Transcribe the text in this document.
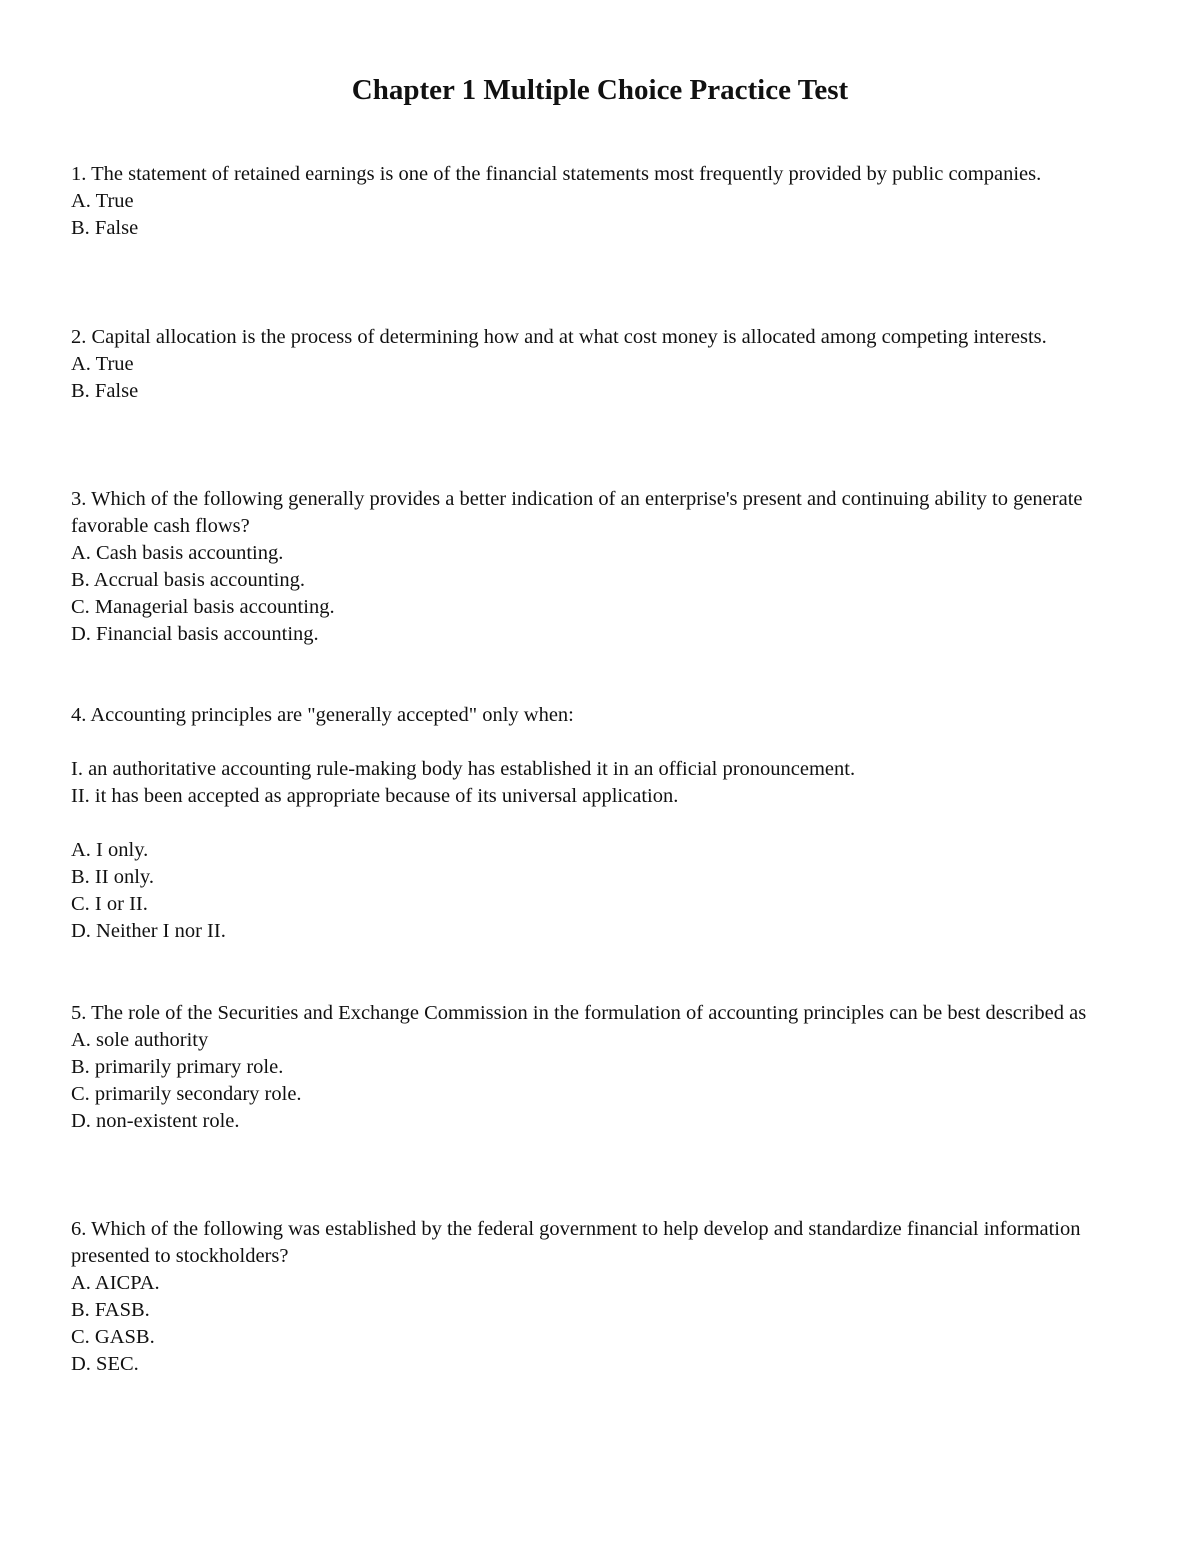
Chapter 1 Multiple Choice Practice Test

1. The statement of retained earnings is one of the financial statements most frequently provided by public companies.

A. True

B. False

2. Capital allocation is the process of determining how and at what cost money is allocated among competing interests.

A. True

B. False

3. Which of the following generally provides a better indication of an enterprise's present and continuing ability to generate favorable cash flows?

A. Cash basis accounting.

B. Accrual basis accounting.

C. Managerial basis accounting.

D. Financial basis accounting.

4. Accounting principles are "generally accepted" only when:

I. an authoritative accounting rule-making body has established it in an official pronouncement.

II. it has been accepted as appropriate because of its universal application.

A. I only.

B. II only.

C. I or II.

D. Neither I nor II.

5. The role of the Securities and Exchange Commission in the formulation of accounting principles can be best described as

A. sole authority

B. primarily primary role.

C. primarily secondary role.

D. non-existent role.

6. Which of the following was established by the federal government to help develop and standardize financial information presented to stockholders?

A. AICPA.

B. FASB.

C. GASB.

D. SEC.
